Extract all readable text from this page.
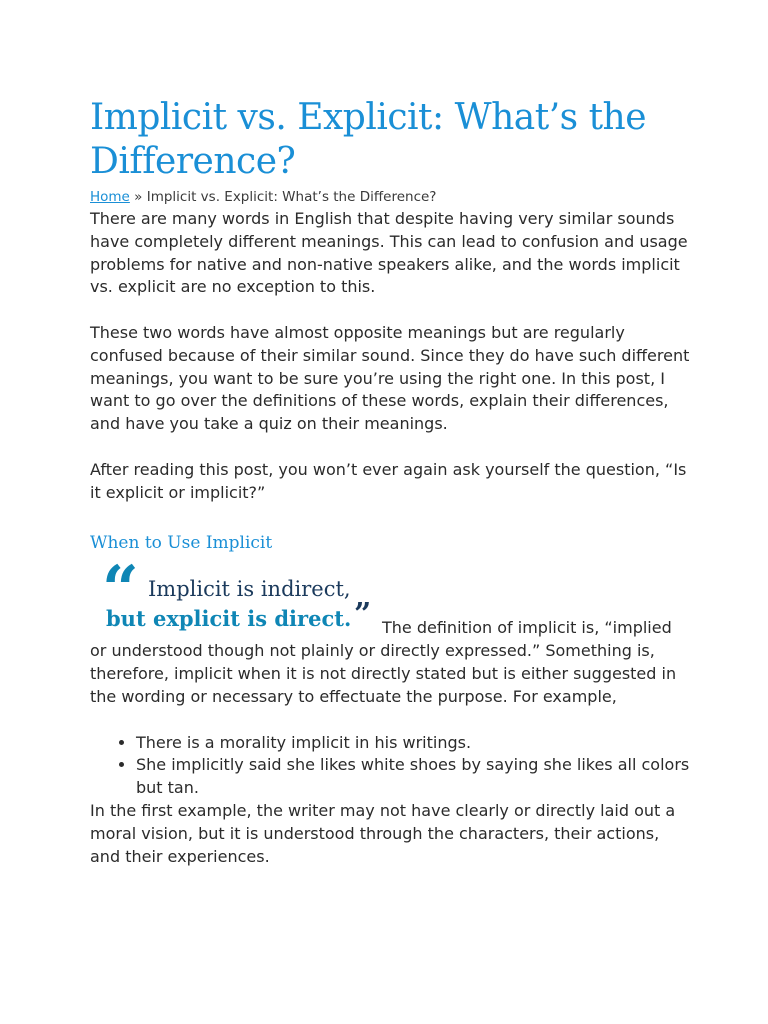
Implicit vs. Explicit: What’s the Difference?
Home » Implicit vs. Explicit: What’s the Difference?

There are many words in English that despite having very similar sounds have completely different meanings. This can lead to confusion and usage problems for native and non-native speakers alike, and the words implicit vs. explicit are no exception to this.

These two words have almost opposite meanings but are regularly confused because of their similar sound. Since they do have such different meanings, you want to be sure you’re using the right one. In this post, I want to go over the definitions of these words, explain their differences, and have you take a quiz on their meanings.

After reading this post, you won’t ever again ask yourself the question, “Is it explicit or implicit?”

When to Use Implicit
“ Implicit is indirect,
but explicit is direct. ” The definition of implicit is, “implied or understood though not plainly or directly expressed.” Something is, therefore, implicit when it is not directly stated but is either suggested in the wording or necessary to effectuate the purpose. For example,
• There is a morality implicit in his writings.
• She implicitly said she likes white shoes by saying she likes all colors but tan.

In the first example, the writer may not have clearly or directly laid out a moral vision, but it is understood through the characters, their actions, and their experiences.
